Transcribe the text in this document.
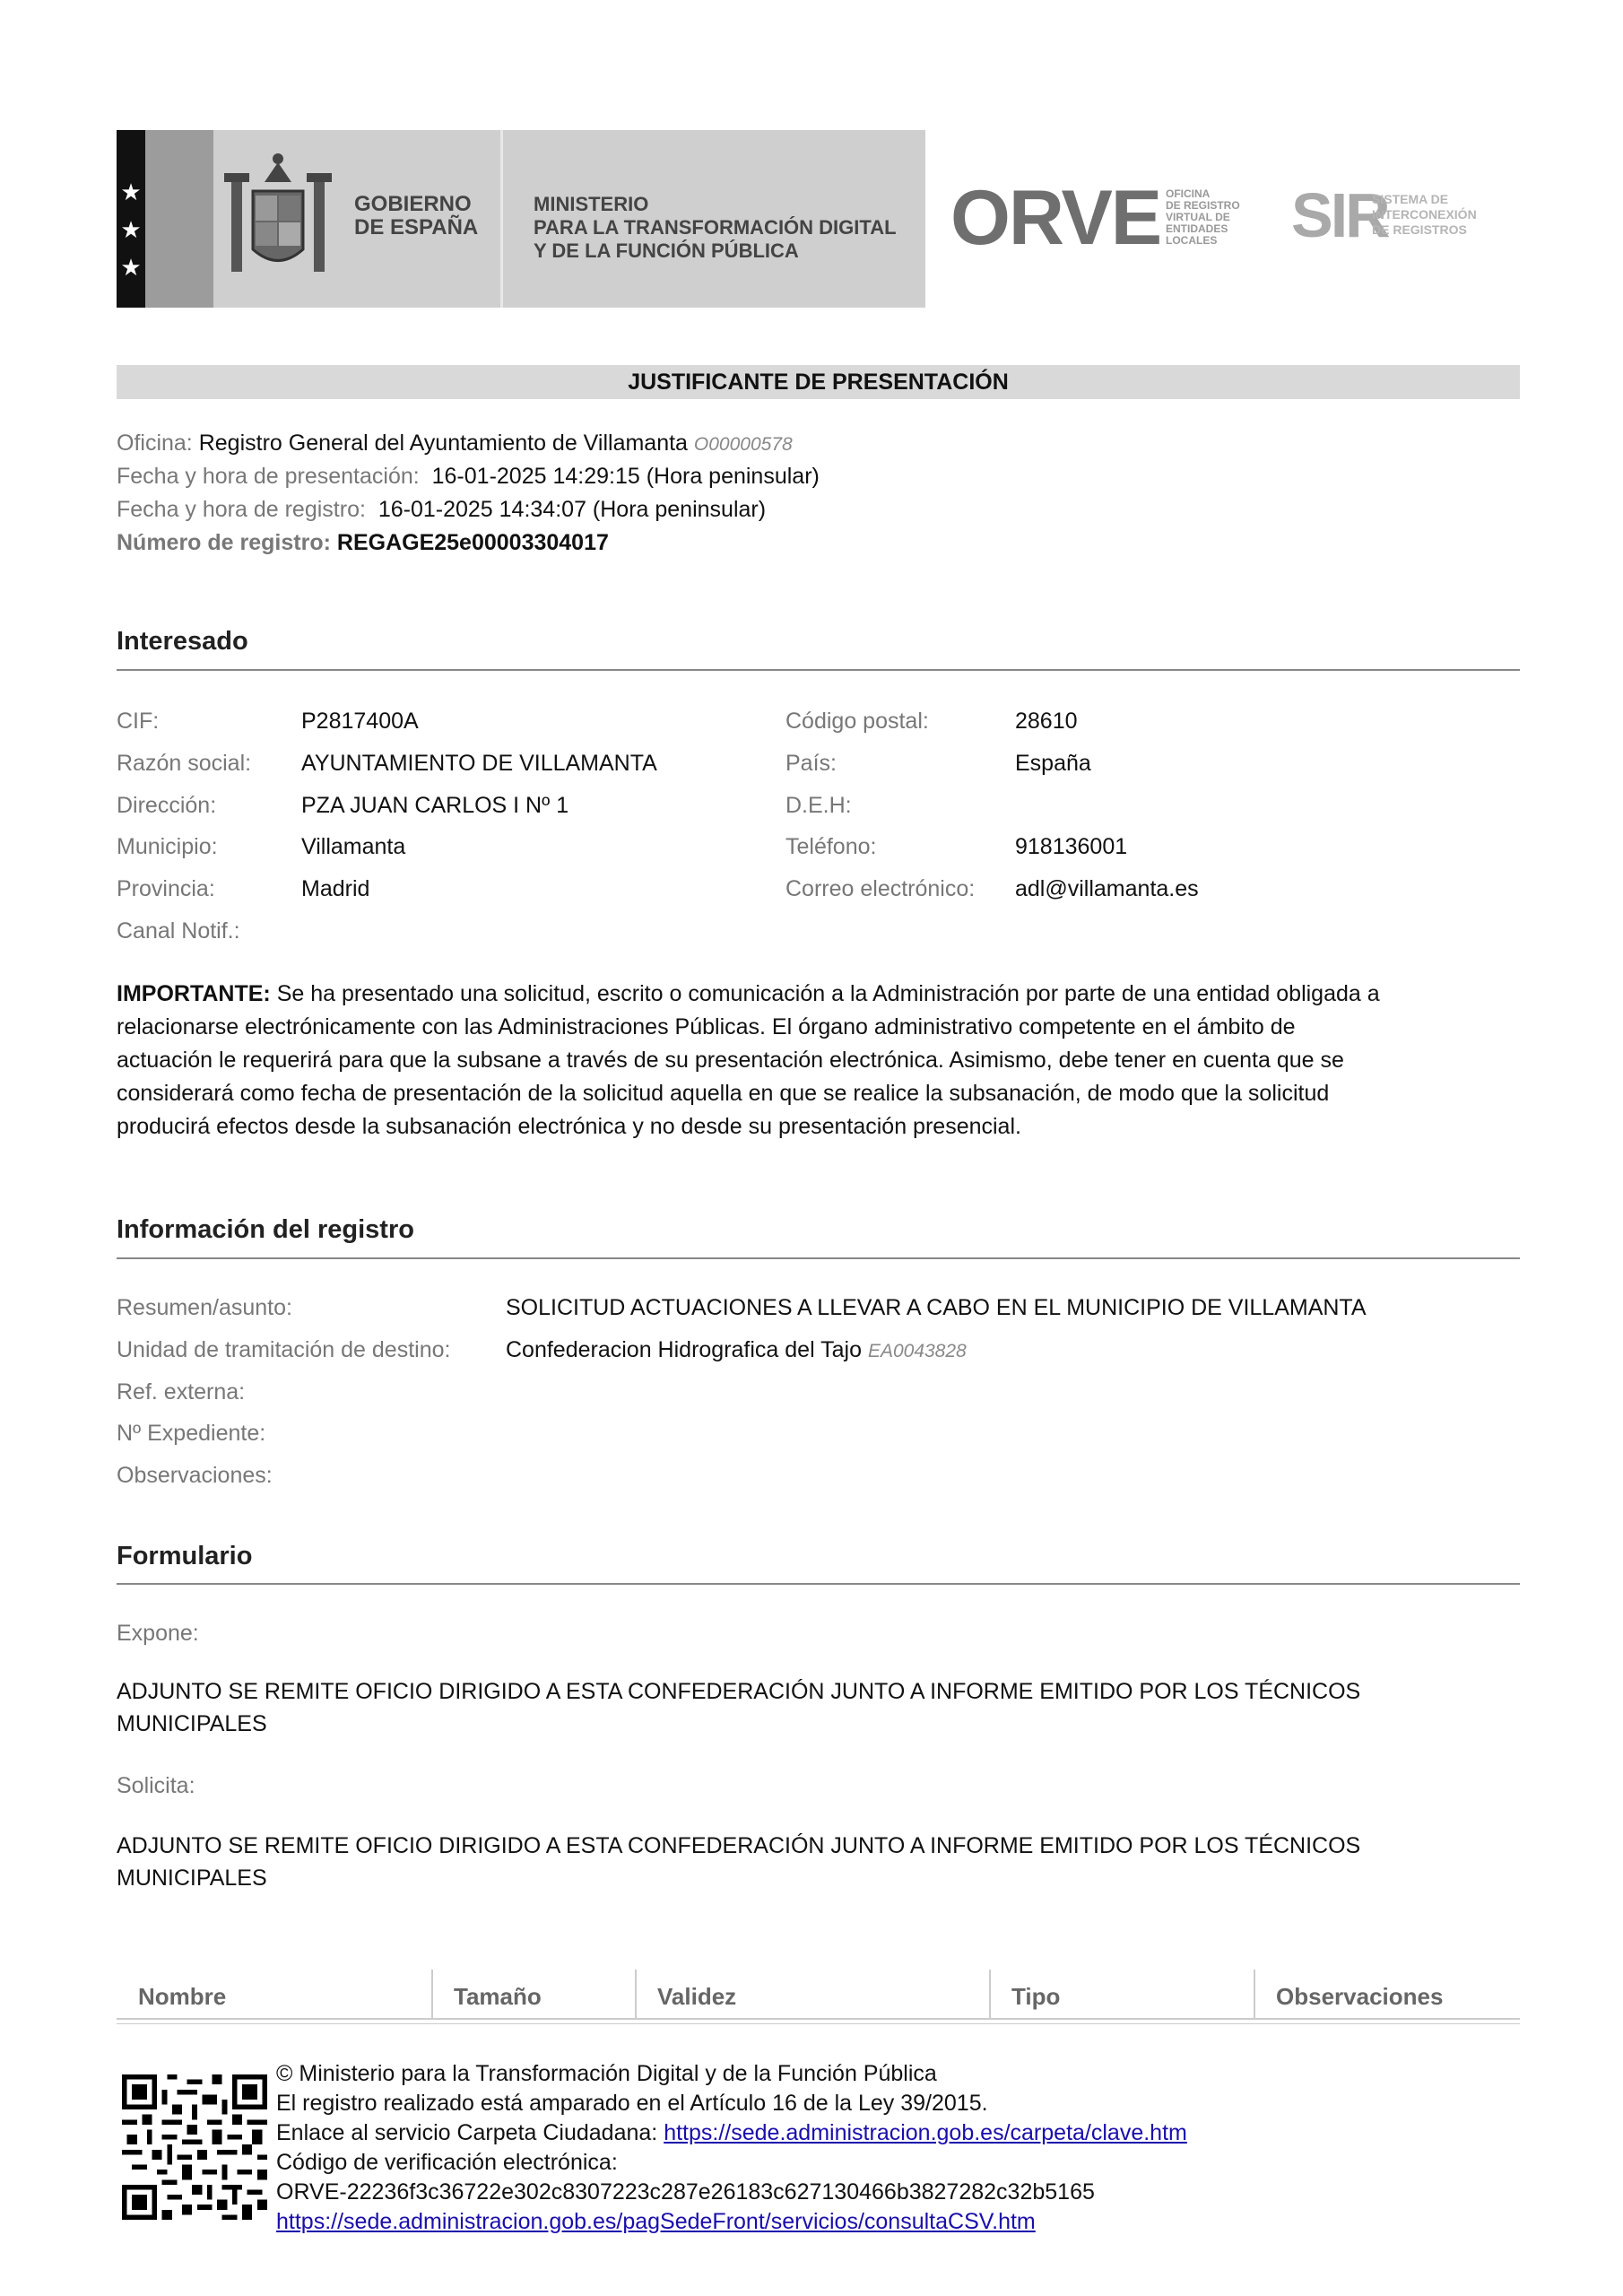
★
★
★
GOBIERNO
DE ESPAÑA
MINISTERIO
PARA LA TRANSFORMACIÓN DIGITAL
Y DE LA FUNCIÓN PÚBLICA	ORVE OFICINA
DE REGISTRO
VIRTUAL DE
ENTIDADES
LOCALES	SIR
SISTEMA DE
INTERCONEXIÓN
DE REGISTROS
JUSTIFICANTE DE PRESENTACIÓN
Oficina: Registro General del Ayuntamiento de Villamanta O00000578
Fecha y hora de presentación: 16-01-2025 14:29:15 (Hora peninsular)
Fecha y hora de registro: 16-01-2025 14:34:07 (Hora peninsular)
Número de registro: REGAGE25e00003304017
Interesado
CIF:	P2817400A
Razón social: AYUNTAMIENTO DE VILLAMANTA
Dirección:	PZA JUAN CARLOS I Nº 1
Municipio:	Villamanta
Provincia:	Madrid
Canal Notif.:
Código postal:	28610
País:	España
D.E.H:
Teléfono:	918136001
Correo electrónico: adl@villamanta.es
IMPORTANTE: Se ha presentado una solicitud, escrito o comunicación a la Administración por parte de una entidad obligada a
relacionarse electrónicamente con las Administraciones Públicas. El órgano administrativo competente en el ámbito de
actuación le requerirá para que la subsane a través de su presentación electrónica. Asimismo, debe tener en cuenta que se
considerará como fecha de presentación de la solicitud aquella en que se realice la subsanación, de modo que la solicitud
producirá efectos desde la subsanación electrónica y no desde su presentación presencial.
Información del registro
Resumen/asunto:	SOLICITUD ACTUACIONES A LLEVAR A CABO EN EL MUNICIPIO DE VILLAMANTA
Unidad de tramitación de destino: Confederacion Hidrografica del Tajo EA0043828
Ref. externa:
Nº Expediente:
Observaciones:
Formulario
Expone:
ADJUNTO SE REMITE OFICIO DIRIGIDO A ESTA CONFEDERACIÓN JUNTO A INFORME EMITIDO POR LOS TÉCNICOS
MUNICIPALES
Solicita:
ADJUNTO SE REMITE OFICIO DIRIGIDO A ESTA CONFEDERACIÓN JUNTO A INFORME EMITIDO POR LOS TÉCNICOS
MUNICIPALES
Nombre	Tamaño	Validez	Tipo	Observaciones
© Ministerio para la Transformación Digital y de la Función Pública
El registro realizado está amparado en el Artículo 16 de la Ley 39/2015.
Enlace al servicio Carpeta Ciudadana: https://sede.administracion.gob.es/carpeta/clave.htm
Código de verificación electrónica:
ORVE-22236f3c36722e302c8307223c287e26183c627130466b3827282c32b5165
https://sede.administracion.gob.es/pagSedeFront/servicios/consultaCSV.htm
